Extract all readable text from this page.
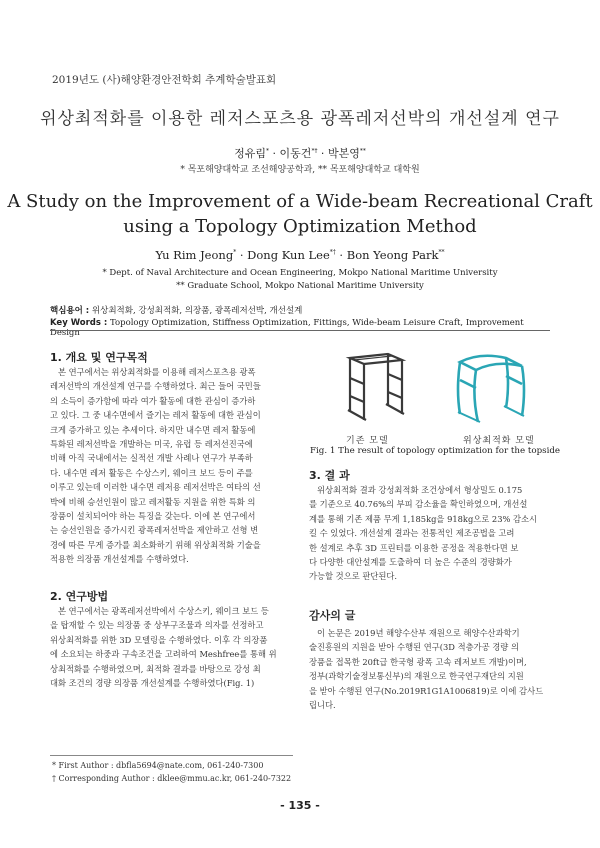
2019년도 (사)해양환경안전학회 추계학술발표회
위상최적화를 이용한 레저스포츠용 광폭레저선박의 개선설계 연구
정유림* · 이동건*† · 박본영**
* 목포해양대학교 조선해양공학과, ** 목포해양대학교 대학원
A Study on the Improvement of a Wide-beam Recreational Craft
using a Topology Optimization Method
Yu Rim Jeong* · Dong Kun Lee*† · Bon Yeong Park**
* Dept. of Naval Architecture and Ocean Engineering, Mokpo National Maritime University
** Graduate School, Mokpo National Maritime University
핵심용어 : 위상최적화, 강성최적화, 의장품, 광폭레저선박, 개선설계
Key Words : Topology Optimization, Stiffness Optimization, Fittings, Wide-beam Leisure Craft, Improvement Design
1. 개요 및 연구목적
본 연구에서는 위상최적화를 이용해 레저스포츠용 광폭
레저선박의 개선설계 연구를 수행하였다. 최근 들어 국민들
의 소득이 증가함에 따라 여가 활동에 대한 관심이 증가하
고 있다. 그 중 내수면에서 즐기는 레저 활동에 대한 관심이
크게 증가하고 있는 추세이다. 하지만 내수면 레저 활동에
특화된 레저선박을 개발하는 미국, 유럽 등 레저선진국에
비해 아직 국내에서는 실적선 개발 사례나 연구가 부족하
다. 내수면 레저 활동은 수상스키, 웨이크 보드 등이 주를
이루고 있는데 이러한 내수면 레저용 레저선박은 여타의 선
박에 비해 승선인원이 많고 레저활동 지원을 위한 특화 의
장품이 설치되어야 하는 특징을 갖는다. 이에 본 연구에서
는 승선인원을 증가시킨 광폭레저선박을 제안하고 선형 변
경에 따른 무게 증가를 최소화하기 위해 위상최적화 기술을
적용한 의장품 개선설계를 수행하였다.
2. 연구방법
본 연구에서는 광폭레저선박에서 수상스키, 웨이크 보드 등
을 탑재할 수 있는 의장품 중 상부구조물과 의자를 선정하고
위상최적화를 위한 3D 모델링을 수행하였다. 이후 각 의장품
에 소요되는 하중과 구속조건을 고려하여 Meshfree를 통해 위
상최적화를 수행하였으며, 최적화 결과를 바탕으로 강성 최
대화 조건의 경량 의장품 개선설계를 수행하였다(Fig. 1)
* First Author : dbfla5694@nate.com, 061-240-7300
† Corresponding Author : dklee@mmu.ac.kr, 061-240-7322
기존 모델	위상최적화 모델
Fig. 1 The result of topology optimization for the topside
3. 결 과
위상최적화 결과 강성최적화 조건상에서 형상밀도 0.175
를 기준으로 40.76%의 부피 감소율을 확인하였으며, 개선설
계를 통해 기존 제품 무게 1,185kg을 918kg으로 23% 감소시
킬 수 있었다. 개선설계 결과는 전통적인 제조공법을 고려
한 설계로 추후 3D 프린터를 이용한 공정을 적용한다면 보
다 다양한 대안설계를 도출하여 더 높은 수준의 경량화가
가능할 것으로 판단된다.
감사의 글
이 논문은 2019년 해양수산부 재원으로 해양수산과학기
술진흥원의 지원을 받아 수행된 연구(3D 적층가공 경량 의
장품을 접목한 20ft급 한국형 광폭 고속 레저보트 개발)이며,
정부(과학기술정보통신부)의 재원으로 한국연구재단의 지원
을 받아 수행된 연구(No.2019R1G1A1006819)로 이에 감사드
립니다.
- 135 -
